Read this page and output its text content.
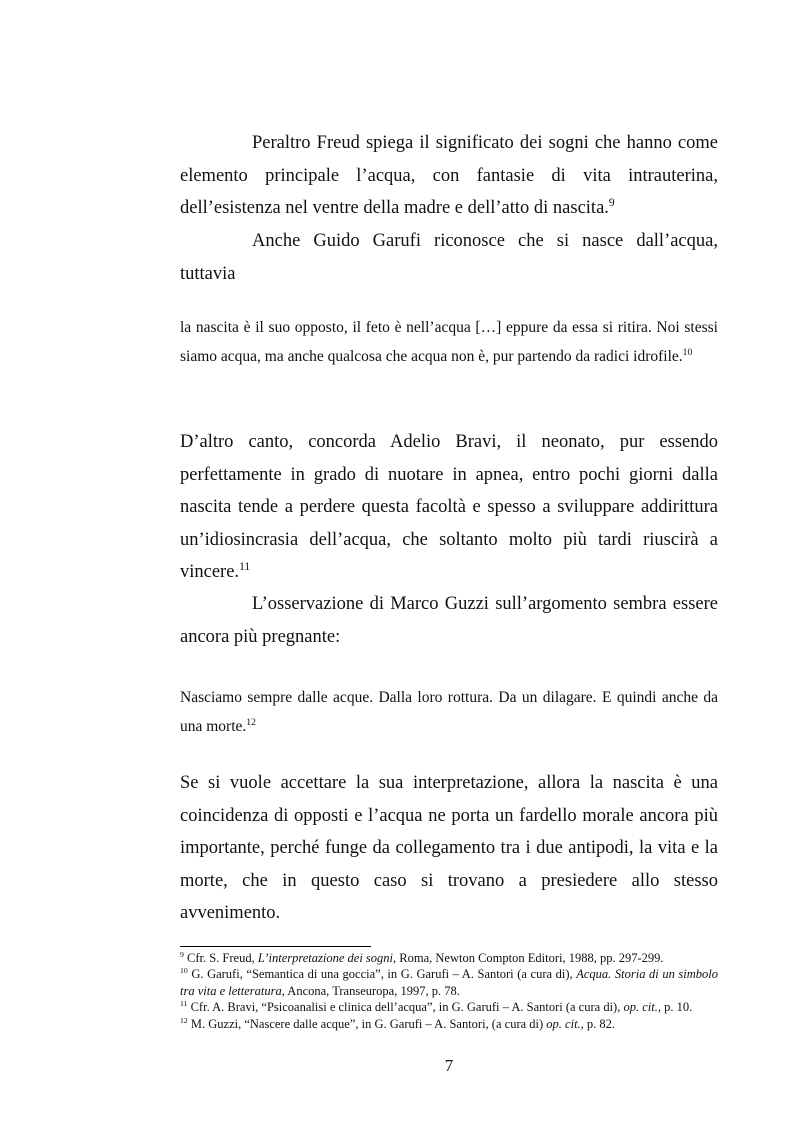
Peraltro Freud spiega il significato dei sogni che hanno come elemento principale l’acqua, con fantasie di vita intrauterina, dell’esistenza nel ventre della madre e dell’atto di nascita.$^9$

Anche Guido Garufi riconosce che si nasce dall’acqua, tuttavia

la nascita è il suo opposto, il feto è nell’acqua […] eppure da essa si ritira. Noi stessi siamo acqua, ma anche qualcosa che acqua non è, pur partendo da radici idrofile.$^{10}$

D’altro canto, concorda Adelio Bravi, il neonato, pur essendo perfettamente in grado di nuotare in apnea, entro pochi giorni dalla nascita tende a perdere questa facoltà e spesso a sviluppare addirittura un’idiosincrasia dell’acqua, che soltanto molto più tardi riuscirà a vincere.$^{11}$

L’osservazione di Marco Guzzi sull’argomento sembra essere ancora più pregnante:

Nasciamo sempre dalle acque. Dalla loro rottura. Da un dilagare. E quindi anche da una morte.$^{12}$

Se si vuole accettare la sua interpretazione, allora la nascita è una coincidenza di opposti e l’acqua ne porta un fardello morale ancora più importante, perché funge da collegamento tra i due antipodi, la vita e la morte, che in questo caso si trovano a presiedere allo stesso avvenimento.

$^9$ Cfr. S. Freud, L’interpretazione dei sogni, Roma, Newton Compton Editori, 1988, pp. 297-299.

$^{10}$ G. Garufi, “Semantica di una goccia”, in G. Garufi – A. Santori (a cura di), Acqua. Storia di un simbolo tra vita e letteratura, Ancona, Transeuropa, 1997, p. 78.

$^{11}$ Cfr. A. Bravi, “Psicoanalisi e clinica dell’acqua”, in G. Garufi – A. Santori (a cura di), op. cit., p. 10.

$^{12}$ M. Guzzi, “Nascere dalle acque”, in G. Garufi – A. Santori, (a cura di) op. cit., p. 82.

7
